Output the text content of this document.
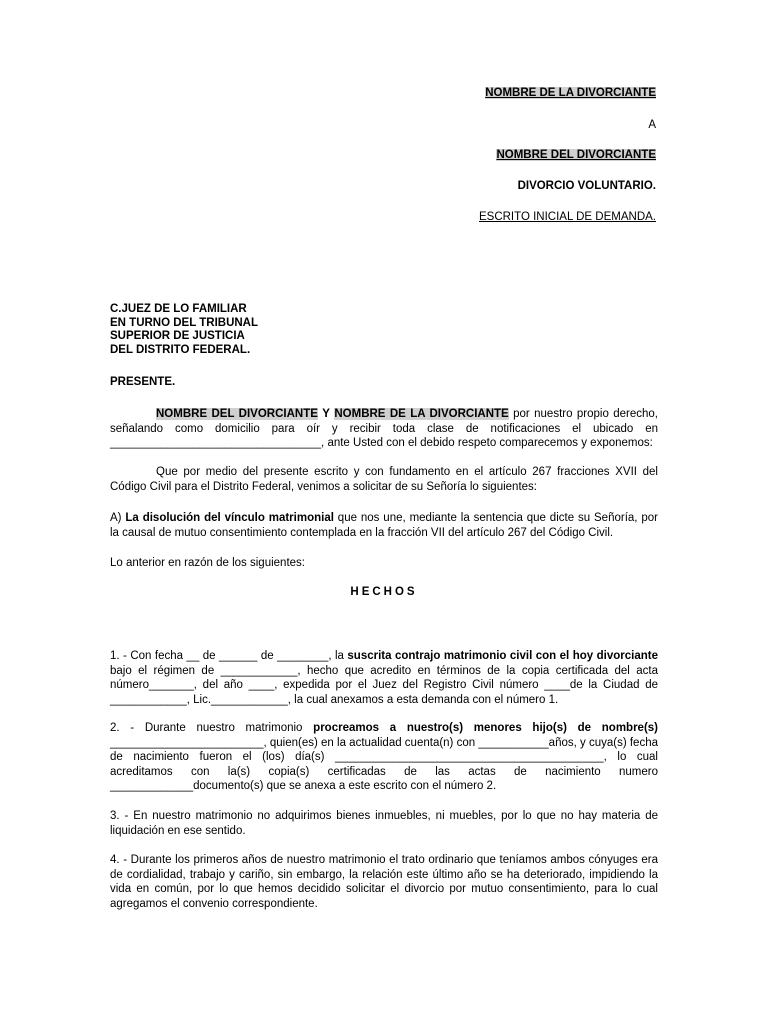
NOMBRE DE LA DIVORCIANTE
A
NOMBRE DEL DIVORCIANTE
DIVORCIO VOLUNTARIO.
ESCRITO INICIAL DE DEMANDA.
C.JUEZ DE LO FAMILIAR
EN TURNO DEL TRIBUNAL
SUPERIOR DE JUSTICIA
DEL DISTRITO FEDERAL.
PRESENTE.
NOMBRE DEL DIVORCIANTE Y NOMBRE DE LA DIVORCIANTE por nuestro propio derecho, señalando como domicilio para oír y recibir toda clase de notificaciones el ubicado en _________________________________, ante Usted con el debido respeto comparecemos y exponemos:
Que por medio del presente escrito y con fundamento en el artículo 267 fracciones XVII del Código Civil para el Distrito Federal, venimos a solicitar de su Señoría lo siguientes:
A) La disolución del vínculo matrimonial que nos une, mediante la sentencia que dicte su Señoría, por la causal de mutuo consentimiento contemplada en la fracción VII del artículo 267 del Código Civil.
Lo anterior en razón de los siguientes:
HECHOS
1. - Con fecha __ de ______ de ________, la suscrita contrajo matrimonio civil con el hoy divorciante bajo el régimen de ____________, hecho que acredito en términos de la copia certificada del acta número_______, del año ____, expedida por el Juez del Registro Civil número ____de la Ciudad de ____________, Lic.____________, la cual anexamos a esta demanda con el número 1.
2. - Durante nuestro matrimonio procreamos a nuestro(s) menores hijo(s) de nombre(s) ________________________, quien(es) en la actualidad cuenta(n) con ___________años, y cuya(s) fecha de nacimiento fueron el (los) día(s) __________________________________________, lo cual acreditamos con la(s) copia(s) certificadas de las actas de nacimiento numero _____________documento(s) que se anexa a este escrito con el número 2.
3. - En nuestro matrimonio no adquirimos bienes inmuebles, ni muebles, por lo que no hay materia de liquidación en ese sentido.
4. - Durante los primeros años de nuestro matrimonio el trato ordinario que teníamos ambos cónyuges era de cordialidad, trabajo y cariño, sin embargo, la relación este último año se ha deteriorado, impidiendo la vida en común, por lo que hemos decidido solicitar el divorcio por mutuo consentimiento, para lo cual agregamos el convenio correspondiente.
